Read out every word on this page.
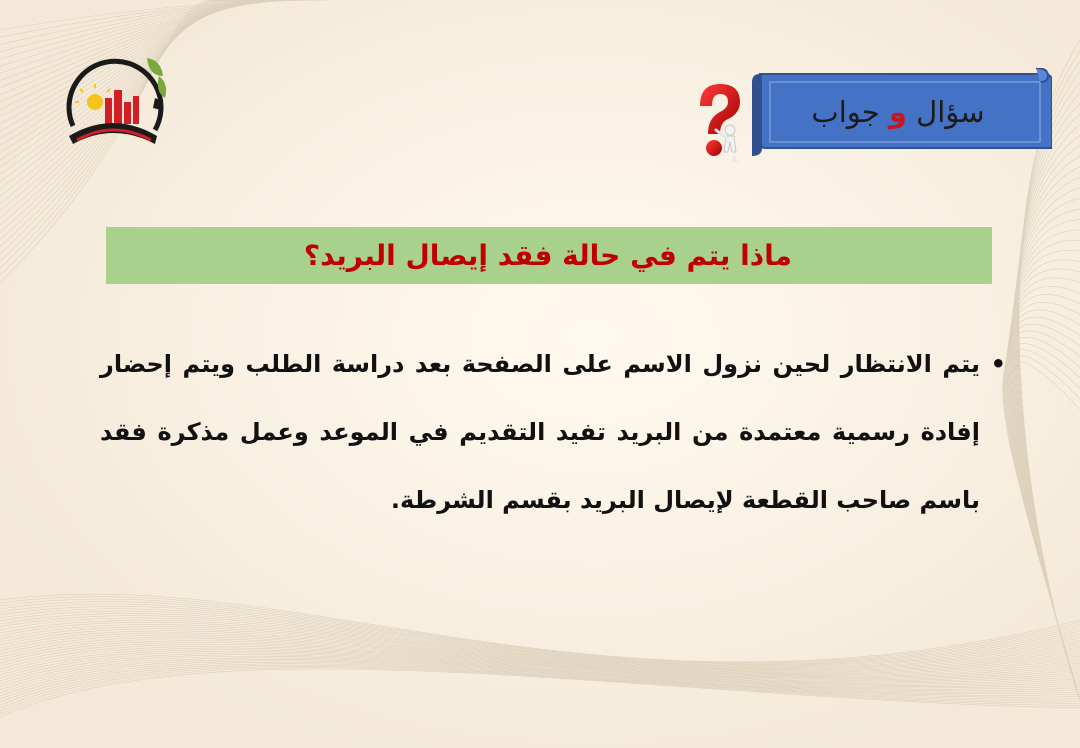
سؤال و جواب
ماذا يتم في حالة فقد إيصال البريد؟
•
يتم الانتظار لحين نزول الاسم على الصفحة بعد دراسة الطلب ويتم إحضار إفادة رسمية معتمدة من البريد تفيد التقديم في الموعد وعمل مذكرة فقد باسم صاحب القطعة لإيصال البريد بقسم الشرطة.
